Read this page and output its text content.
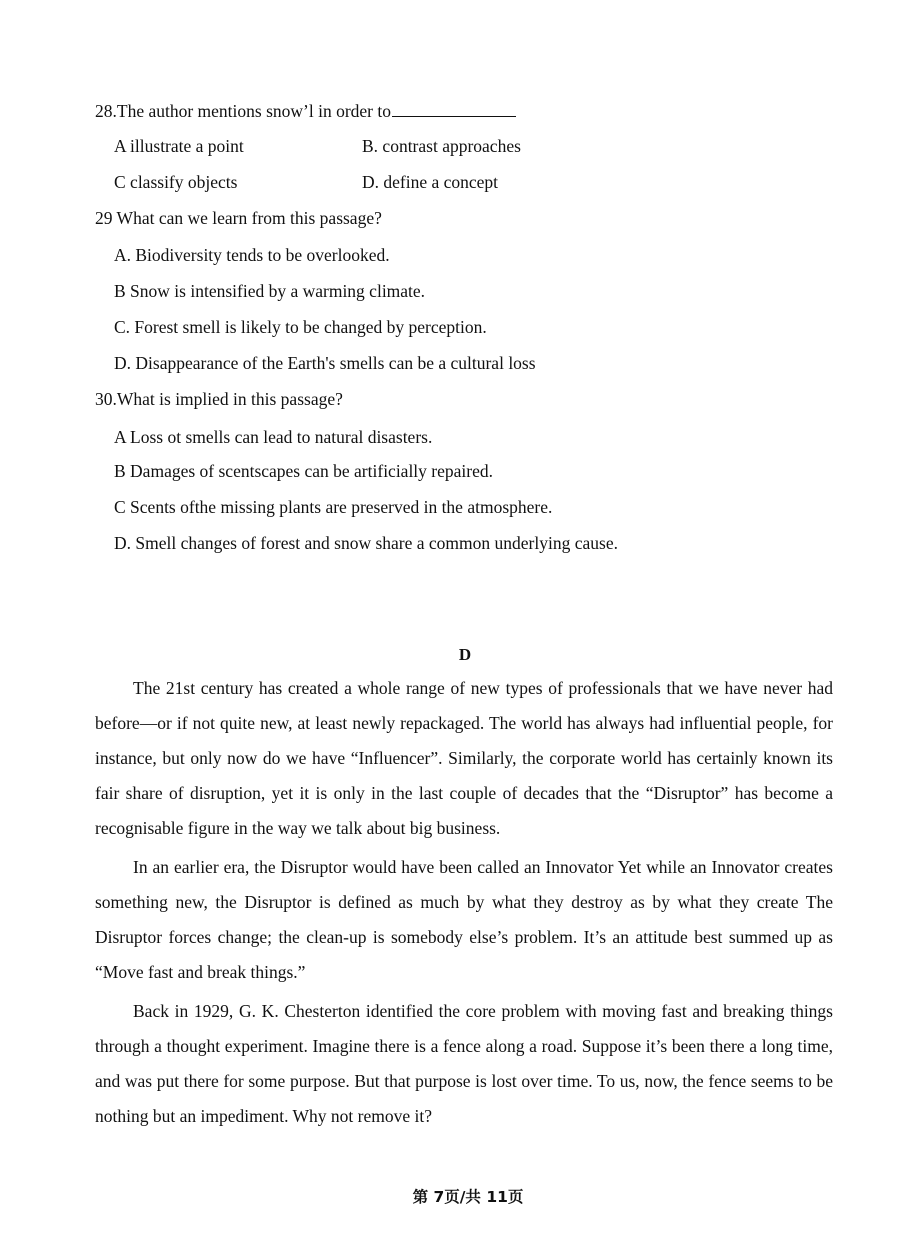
28.The author mentions snow’l in order to
A illustrate a point	B. contrast approaches
C classify objects	D. define a concept
29 What can we learn from this passage?
A. Biodiversity tends to be overlooked.
B Snow is intensified by a warming climate.
C. Forest smell is likely to be changed by perception.
D. Disappearance of the Earth's smells can be a cultural loss
30.What is implied in this passage?
A Loss ot smells can lead to natural disasters.
B Damages of scentscapes can be artificially repaired.
C Scents ofthe missing plants are preserved in the atmosphere.
D. Smell changes of forest and snow share a common underlying cause.
D

The 21st century has created a whole range of new types of professionals that we have never had before—or if not quite new, at least newly repackaged. The world has always had influential people, for instance, but only now do we have “Influencer”. Similarly, the corporate world has certainly known its fair share of disruption, yet it is only in the last couple of decades that the “Disruptor” has become a recognisable figure in the way we talk about big business.

In an earlier era, the Disruptor would have been called an Innovator Yet while an Innovator creates something new, the Disruptor is defined as much by what they destroy as by what they create The Disruptor forces change; the clean-up is somebody else’s problem. It’s an attitude best summed up as “Move fast and break things.”

Back in 1929, G. K. Chesterton identified the core problem with moving fast and breaking things through a thought experiment. Imagine there is a fence along a road. Suppose it’s been there a long time, and was put there for some purpose. But that purpose is lost over time. To us, now, the fence seems to be nothing but an impediment. Why not remove it?

第 7页/共 11页
